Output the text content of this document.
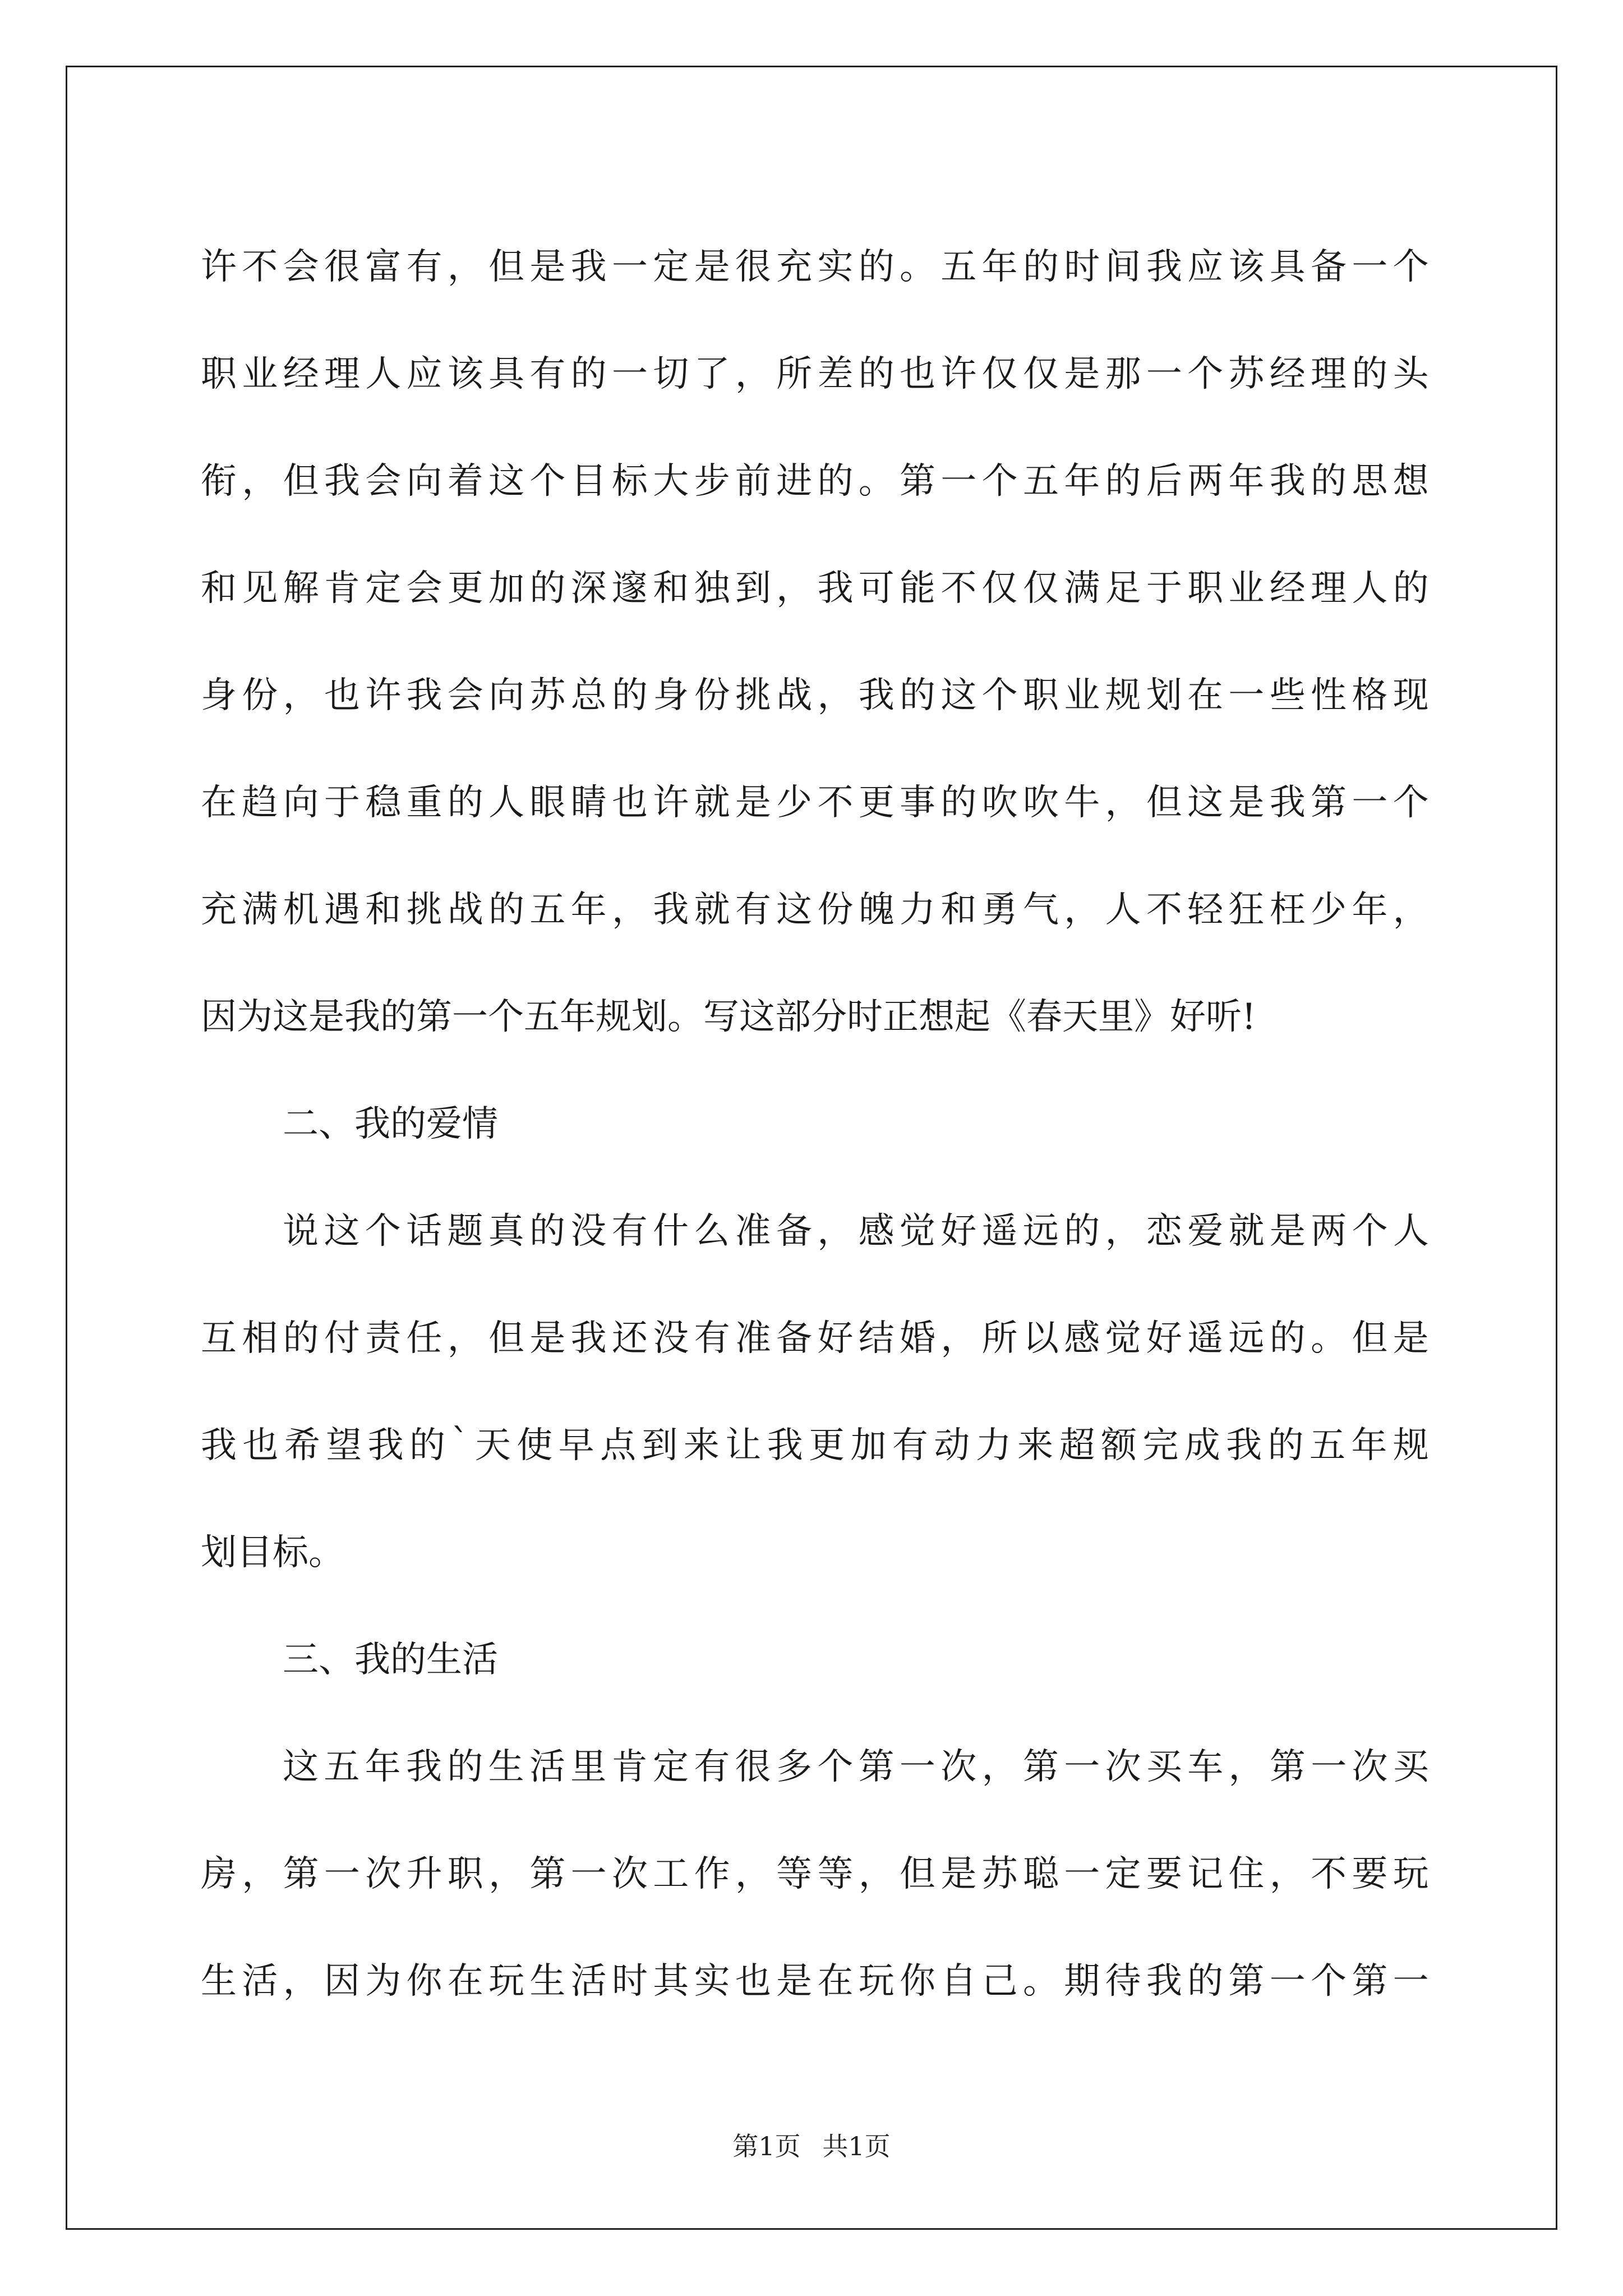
许 不 会 很 富 有 ， 但 是 我 一 定 是 很 充 实 的 。 五 年 的 时 间 我 应 该 具 备 一 个
职 业 经 理 人 应 该 具 有 的 一 切 了 ， 所 差 的 也 许 仅 仅 是 那 一 个 苏 经 理 的 头
衔 ， 但 我 会 向 着 这 个 目 标 大 步 前 进 的 。 第 一 个 五 年 的 后 两 年 我 的 思 想
和 见 解 肯 定 会 更 加 的 深 邃 和 独 到 ， 我 可 能 不 仅 仅 满 足 于 职 业 经 理 人 的
身 份 ， 也 许 我 会 向 苏 总 的 身 份 挑 战 ， 我 的 这 个 职 业 规 划 在 一 些 性 格 现
在 趋 向 于 稳 重 的 人 眼 睛 也 许 就 是 少 不 更 事 的 吹 吹 牛 ， 但 这 是 我 第 一 个
充 满 机 遇 和 挑 战 的 五 年 ， 我 就 有 这 份 魄 力 和 勇 气 ， 人 不 轻 狂 枉 少 年 ，
因为这是我的第一个五年规划。写这部分时正想起《春天里》好听!
二、我的爱情
说 这 个 话 题 真 的 没 有 什 么 准 备 ， 感 觉 好 遥 远 的 ， 恋 爱 就 是 两 个 人
互 相 的 付 责 任 ， 但 是 我 还 没 有 准 备 好 结 婚 ， 所 以 感 觉 好 遥 远 的 。 但 是
我 也 希 望 我 的 ` 天 使 早 点 到 来 让 我 更 加 有 动 力 来 超 额 完 成 我 的 五 年 规
划目标。
三、我的生活
这 五 年 我 的 生 活 里 肯 定 有 很 多 个 第 一 次 ， 第 一 次 买 车 ， 第 一 次 买
房 ， 第 一 次 升 职 ， 第 一 次 工 作 ， 等 等 ， 但 是 苏 聪 一 定 要 记 住 ， 不 要 玩
生 活 ， 因 为 你 在 玩 生 活 时 其 实 也 是 在 玩 你 自 己 。 期 待 我 的 第 一 个 第 一
第1页 共1页
